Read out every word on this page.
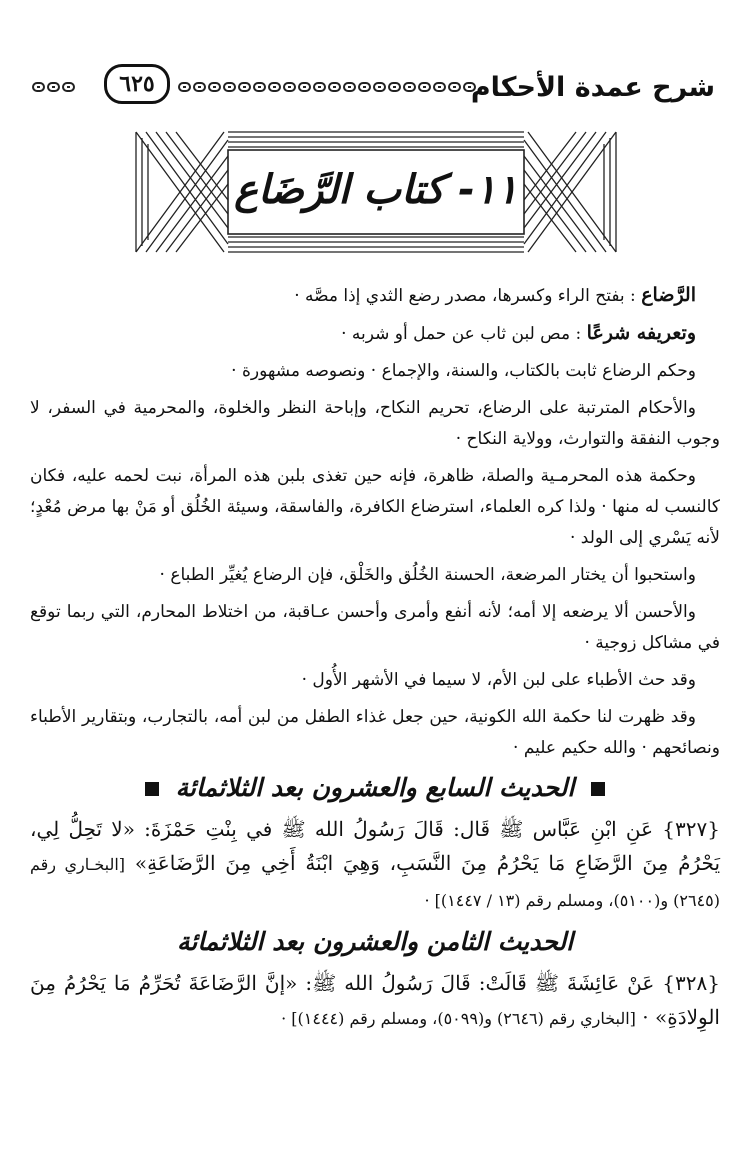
شرح عمدة الأحكام
٦٢٥
١١- كتاب الرَّضَاع

الرَّضاع : بفتح الراء وكسرها، مصدر رضع الثدي إذا مصَّه ·

وتعريفه شرعًا : مص لبن ثاب عن حمل أو شربه ·

وحكم الرضاع ثابت بالكتاب، والسنة، والإجماع · ونصوصه مشهورة ·

والأحكام المترتبة على الرضاع، تحريم النكاح، وإباحة النظر والخلوة، والمحرمية في السفر، لا وجوب النفقة والتوارث، وولاية النكاح ·

وحكمة هذه المحرمـية والصلة، ظاهرة، فإنه حين تغذى بلبن هذه المرأة، نبت لحمه عليه، فكان كالنسب له منها · ولذا كره العلماء، استرضاع الكافرة، والفاسقة، وسيئة الخُلُق أو مَنْ بها مرض مُعْدٍ؛ لأنه يَسْري إلى الولد ·

واستحبوا أن يختار المرضعة، الحسنة الخُلُق والخَلْق، فإن الرضاع يُغيِّر الطباع ·

والأحسن ألا يرضعه إلا أمه؛ لأنه أنفع وأمرى وأحسن عـاقبة، من اختلاط المحارم، التي ربما توقع في مشاكل زوجية ·

وقد حث الأطباء على لبن الأم، لا سيما في الأشهر الأُول ·

وقد ظهرت لنا حكمة الله الكونية، حين جعل غذاء الطفل من لبن أمه، بالتجارب، وبتقارير الأطباء ونصائحهم · والله حكيم عليم ·

الحديث السابع والعشرون بعد الثلاثمائة

{٣٢٧} عَنِ ابْنِ عَبَّاس ﷺ قَال: قَالَ رَسُولُ الله ﷺ في بِنْتِ حَمْزَةَ: «لا تَحِلُّ لِي، يَحْرُمُ مِنَ الرَّضَاعِ مَا يَحْرُمُ مِنَ النَّسَبِ، وَهِيَ ابْنَةُ أَخِي مِنَ الرَّضَاعَةِ» [البخـاري رقم (٢٦٤٥) و(٥١٠٠)، ومسلم رقم (١٣ / ١٤٤٧)] ·

الحديث الثامن والعشرون بعد الثلاثمائة

{٣٢٨} عَنْ عَائِشَةَ ﷺ قَالَتْ: قَالَ رَسُولُ الله ﷺ: «إنَّ الرَّضَاعَةَ تُحَرِّمُ مَا يَحْرُمُ مِنَ الوِلادَةِ» · [البخاري رقم (٢٦٤٦) و(٥٠٩٩)، ومسلم رقم (١٤٤٤)] ·
